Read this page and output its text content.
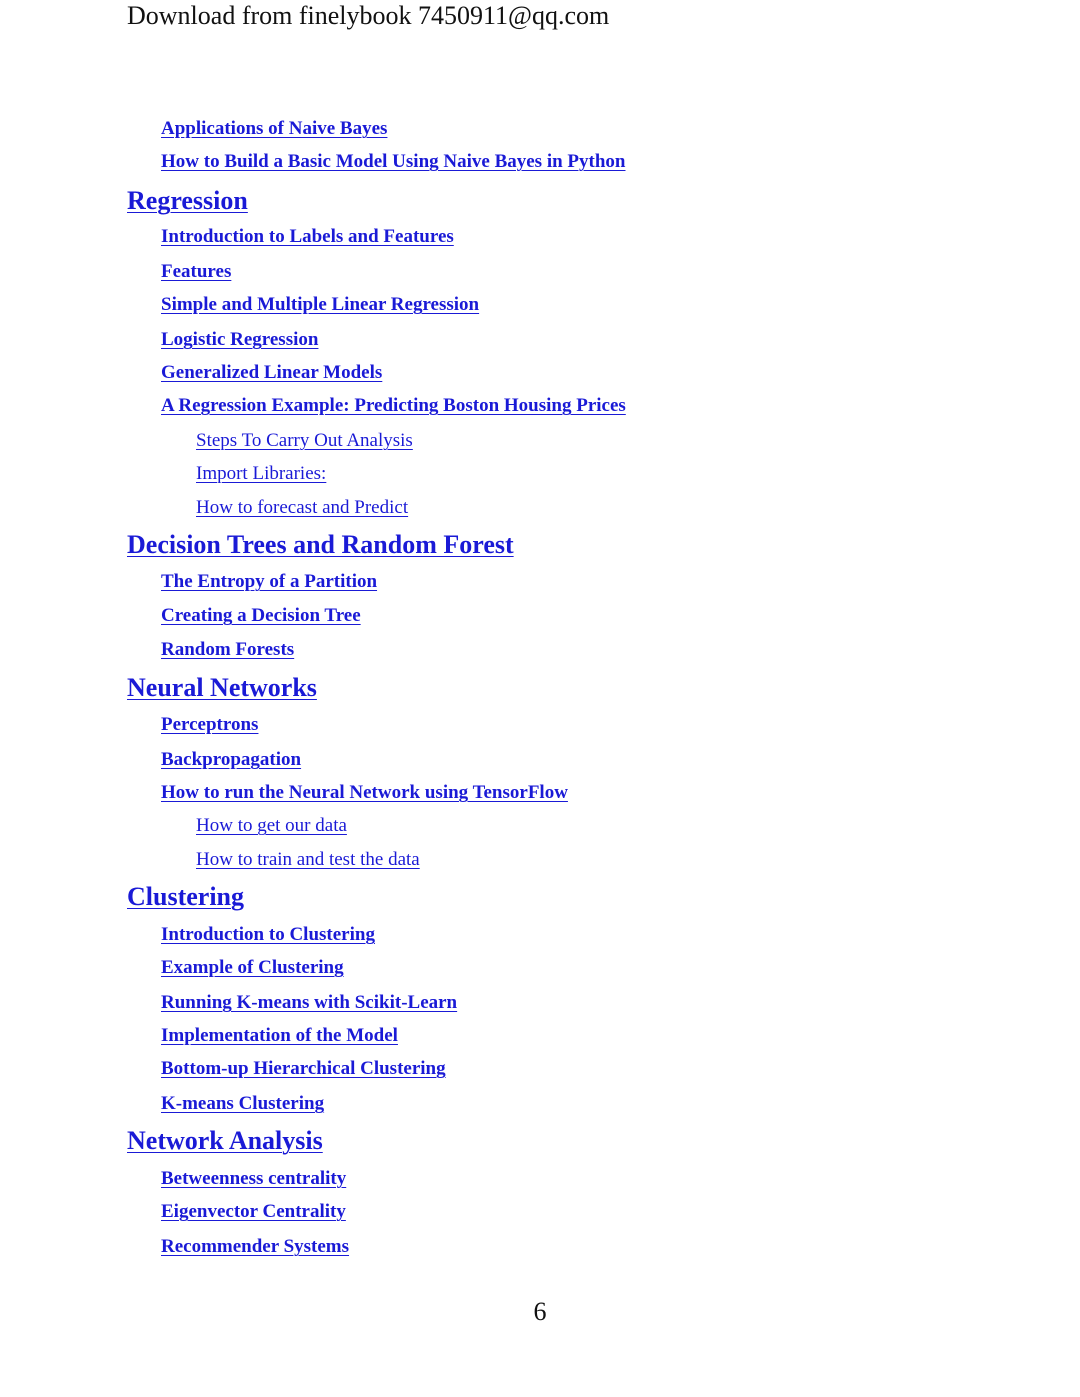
Download from finelybook 7450911@qq.com
Applications of Naive Bayes
How to Build a Basic Model Using Naive Bayes in Python
Regression
Introduction to Labels and Features
Features
Simple and Multiple Linear Regression
Logistic Regression
Generalized Linear Models
A Regression Example: Predicting Boston Housing Prices
Steps To Carry Out Analysis
Import Libraries:
How to forecast and Predict
Decision Trees and Random Forest
The Entropy of a Partition
Creating a Decision Tree
Random Forests
Neural Networks
Perceptrons
Backpropagation
How to run the Neural Network using TensorFlow
How to get our data
How to train and test the data
Clustering
Introduction to Clustering
Example of Clustering
Running K-means with Scikit-Learn
Implementation of the Model
Bottom-up Hierarchical Clustering
K-means Clustering
Network Analysis
Betweenness centrality
Eigenvector Centrality
Recommender Systems
6
